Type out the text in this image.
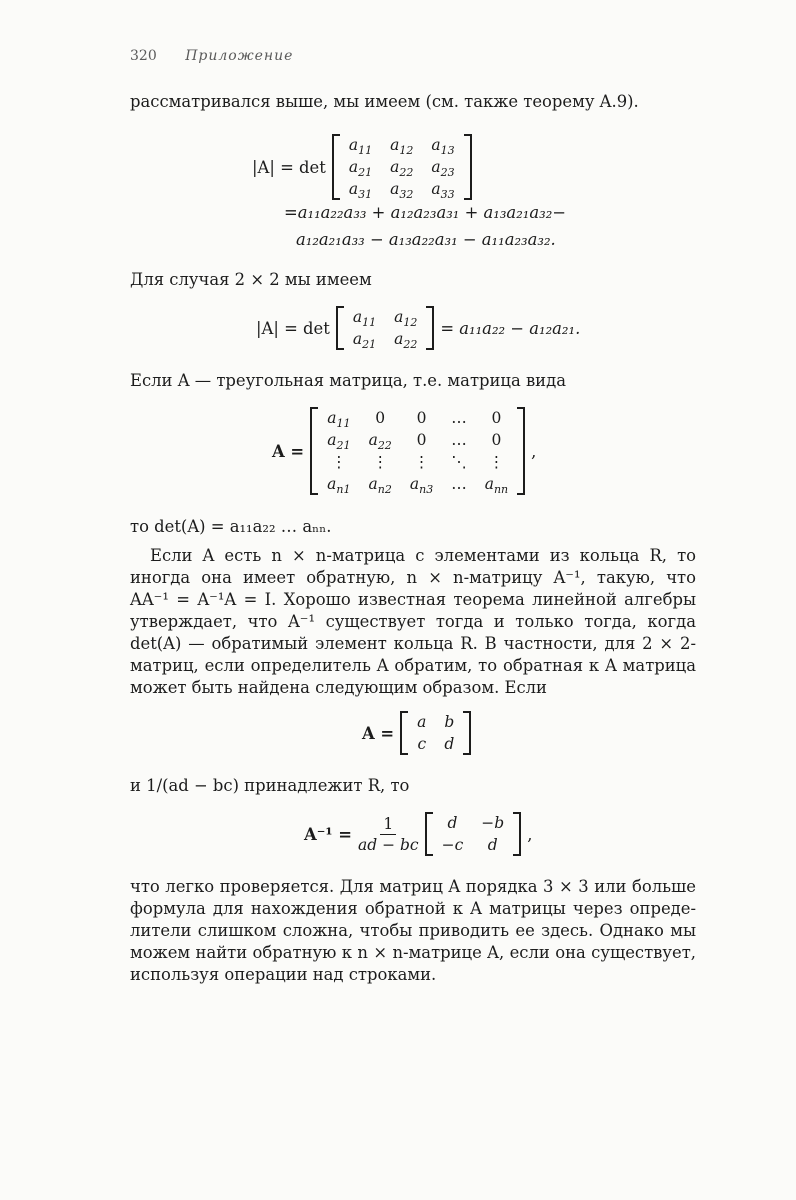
320 Приложение
рассматривался выше, мы имеем (см. также теорему A.9).
|A| = det
$a_{11}$	$a_{12}$	$a_{13}$
$a_{21}$	$a_{22}$	$a_{23}$
$a_{31}$	$a_{32}$	$a_{33}$
=a₁₁a₂₂a₃₃ + a₁₂a₂₃a₃₁ + a₁₃a₂₁a₃₂−
a₁₂a₂₁a₃₃ − a₁₃a₂₂a₃₁ − a₁₁a₂₃a₃₂.
Для случая 2 × 2 мы имеем
|A| = det
$a_{11}$	$a_{12}$
$a_{21}$	$a_{22}$
= a₁₁a₂₂ − a₁₂a₂₁.
Если A — треугольная матрица, т.е. матрица вида
A =
$a_{11}$	0	0	…	0
$a_{21}$	$a_{22}$	0	…	0
⋮	⋮	⋮	⋱	⋮
$a_{n1}$	$a_{n2}$	$a_{n3}$	…	$a_{nn}$
,
то det(A) = a₁₁a₂₂ … aₙₙ.
Если A есть n × n-матрица с элементами из кольца R, то
иногда она имеет обратную, n × n-матрицу A⁻¹, такую, что
AA⁻¹ = A⁻¹A = I. Хорошо известная теорема линейной алгебры
утверждает, что A⁻¹ существует тогда и только тогда, когда
det(A) — обратимый элемент кольца R. В частности, для 2 × 2-
матриц, если определитель A обратим, то обратная к A матрица
может быть найдена следующим образом. Если
A =
a	b
c	d
и 1/(ad − bc) принадлежит R, то
$A^{-1} = \frac{1}{ad - bc}$ d	−b
−c	d
,
что легко проверяется. Для матриц A порядка 3 × 3 или больше
формула для нахождения обратной к A матрицы через опреде-
лители слишком сложна, чтобы приводить ее здесь. Однако мы
можем найти обратную к n × n-матрице A, если она существует,
используя операции над строками.
